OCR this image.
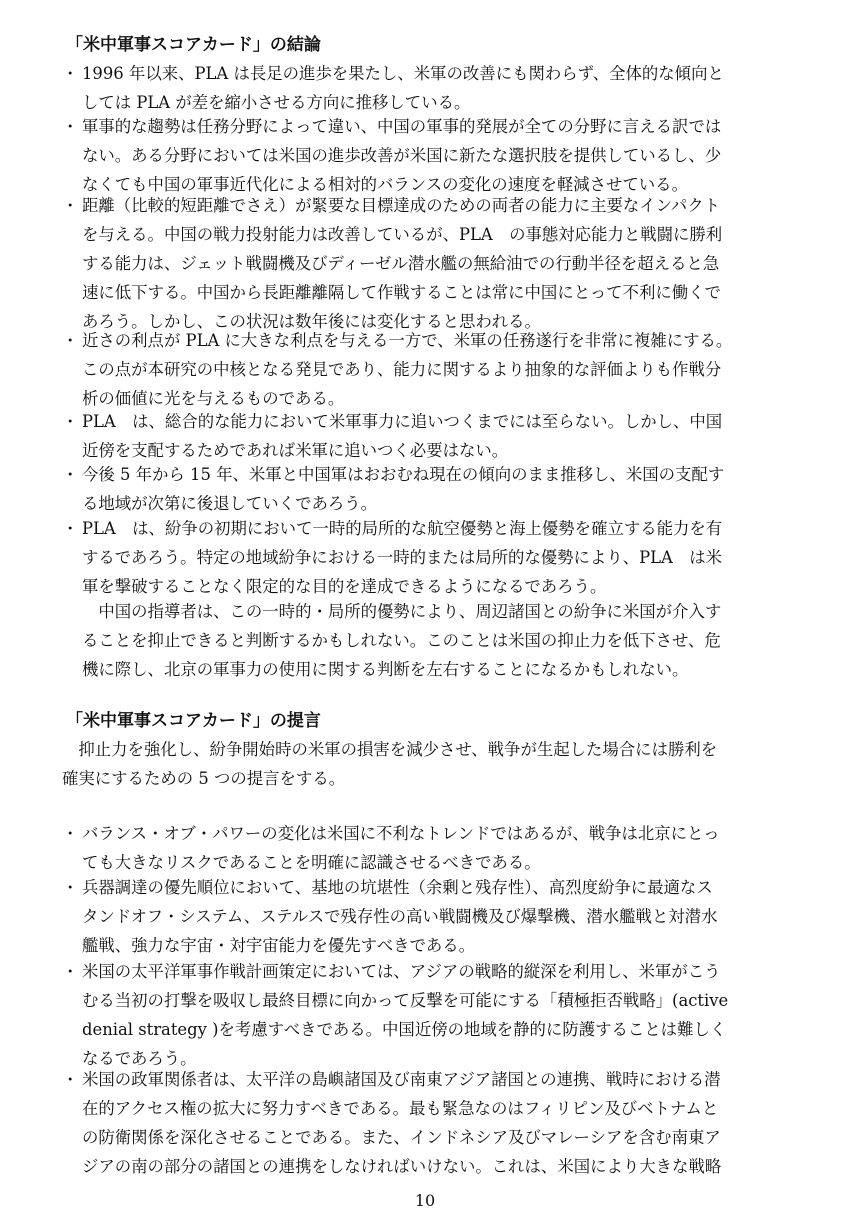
「米中軍事スコアカード」の結論
・ 1996 年以来、PLA は長足の進歩を果たし、米軍の改善にも関わらず、全体的な傾向と
しては PLA が差を縮小させる方向に推移している。
・ 軍事的な趨勢は任務分野によって違い、中国の軍事的発展が全ての分野に言える訳では
ない。ある分野においては米国の進歩改善が米国に新たな選択肢を提供しているし、少
なくても中国の軍事近代化による相対的バランスの変化の速度を軽減させている。
・ 距離（比較的短距離でさえ）が緊要な目標達成のための両者の能力に主要なインパクト
を与える。中国の戦力投射能力は改善しているが、PLA　の事態対応能力と戦闘に勝利
する能力は、ジェット戦闘機及びディーゼル潜水艦の無給油での行動半径を超えると急
速に低下する。中国から長距離離隔して作戦することは常に中国にとって不利に働くで
あろう。しかし、この状況は数年後には変化すると思われる。
・ 近さの利点が PLA に大きな利点を与える一方で、米軍の任務遂行を非常に複雑にする。
この点が本研究の中核となる発見であり、能力に関するより抽象的な評価よりも作戦分
析の価値に光を与えるものである。
・ PLA　は、総合的な能力において米軍事力に追いつくまでには至らない。しかし、中国
近傍を支配するためであれば米軍に追いつく必要はない。
・ 今後 5 年から 15 年、米軍と中国軍はおおむね現在の傾向のまま推移し、米国の支配す
る地域が次第に後退していくであろう。
・ PLA　は、紛争の初期において一時的局所的な航空優勢と海上優勢を確立する能力を有
するであろう。特定の地域紛争における一時的または局所的な優勢により、PLA　は米
軍を撃破することなく限定的な目的を達成できるようになるであろう。
　中国の指導者は、この一時的・局所的優勢により、周辺諸国との紛争に米国が介入す
ることを抑止できると判断するかもしれない。このことは米国の抑止力を低下させ、危
機に際し、北京の軍事力の使用に関する判断を左右することになるかもしれない。
「米中軍事スコアカード」の提言
　抑止力を強化し、紛争開始時の米軍の損害を減少させ、戦争が生起した場合には勝利を
確実にするための 5 つの提言をする。
・ バランス・オブ・パワーの変化は米国に不利なトレンドではあるが、戦争は北京にとっ
ても大きなリスクであることを明確に認識させるべきである。
・ 兵器調達の優先順位において、基地の坑堪性（余剰と残存性）、高烈度紛争に最適なス
タンドオフ・システム、ステルスで残存性の高い戦闘機及び爆撃機、潜水艦戦と対潜水
艦戦、強力な宇宙・対宇宙能力を優先すべきである。
・ 米国の太平洋軍事作戦計画策定においては、アジアの戦略的縦深を利用し、米軍がこう
むる当初の打撃を吸収し最終目標に向かって反撃を可能にする「積極拒否戦略」(active
denial strategy )を考慮すべきである。中国近傍の地域を静的に防護することは難しく
なるであろう。
・ 米国の政軍関係者は、太平洋の島嶼諸国及び南東アジア諸国との連携、戦時における潜
在的アクセス権の拡大に努力すべきである。最も緊急なのはフィリピン及びベトナムと
の防衛関係を深化させることである。また、インドネシア及びマレーシアを含む南東ア
ジアの南の部分の諸国との連携をしなければいけない。これは、米国により大きな戦略
10
